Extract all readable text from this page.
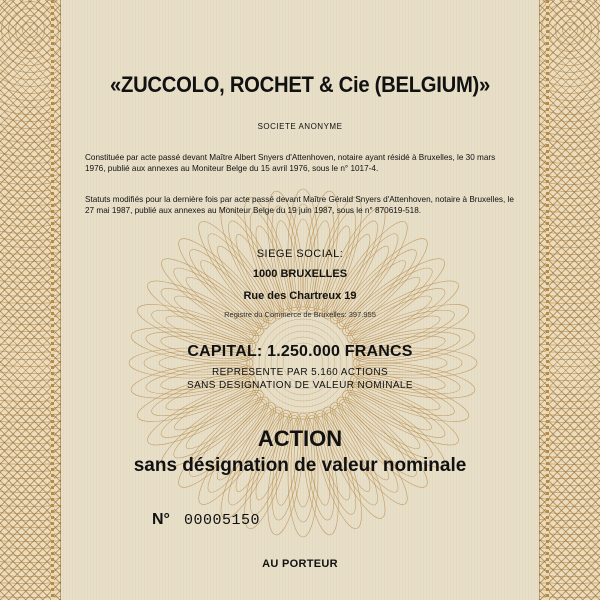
«ZUCCOLO, ROCHET & Cie (BELGIUM)»
SOCIETE ANONYME
Constituée par acte passé devant Maître Albert Snyers d'Attenhoven, notaire ayant résidé à Bruxelles, le 30 mars 1976, publié aux annexes au Moniteur Belge du 15 avril 1976, sous le n° 1017-4.
Statuts modifiés pour la dernière fois par acte passé devant Maître Gérald Snyers d'Attenhoven, notaire à Bruxelles, le 27 mai 1987, publié aux annexes au Moniteur Belge du 19 juin 1987, sous le n° 870619-518.
SIEGE SOCIAL:
1000 BRUXELLES
Rue des Chartreux 19
Registre du Commerce de Bruxelles: 397.955
CAPITAL: 1.250.000 FRANCS
REPRESENTE PAR 5.160 ACTIONS
SANS DESIGNATION DE VALEUR NOMINALE
ACTION
sans désignation de valeur nominale
N° 00005150
AU PORTEUR
